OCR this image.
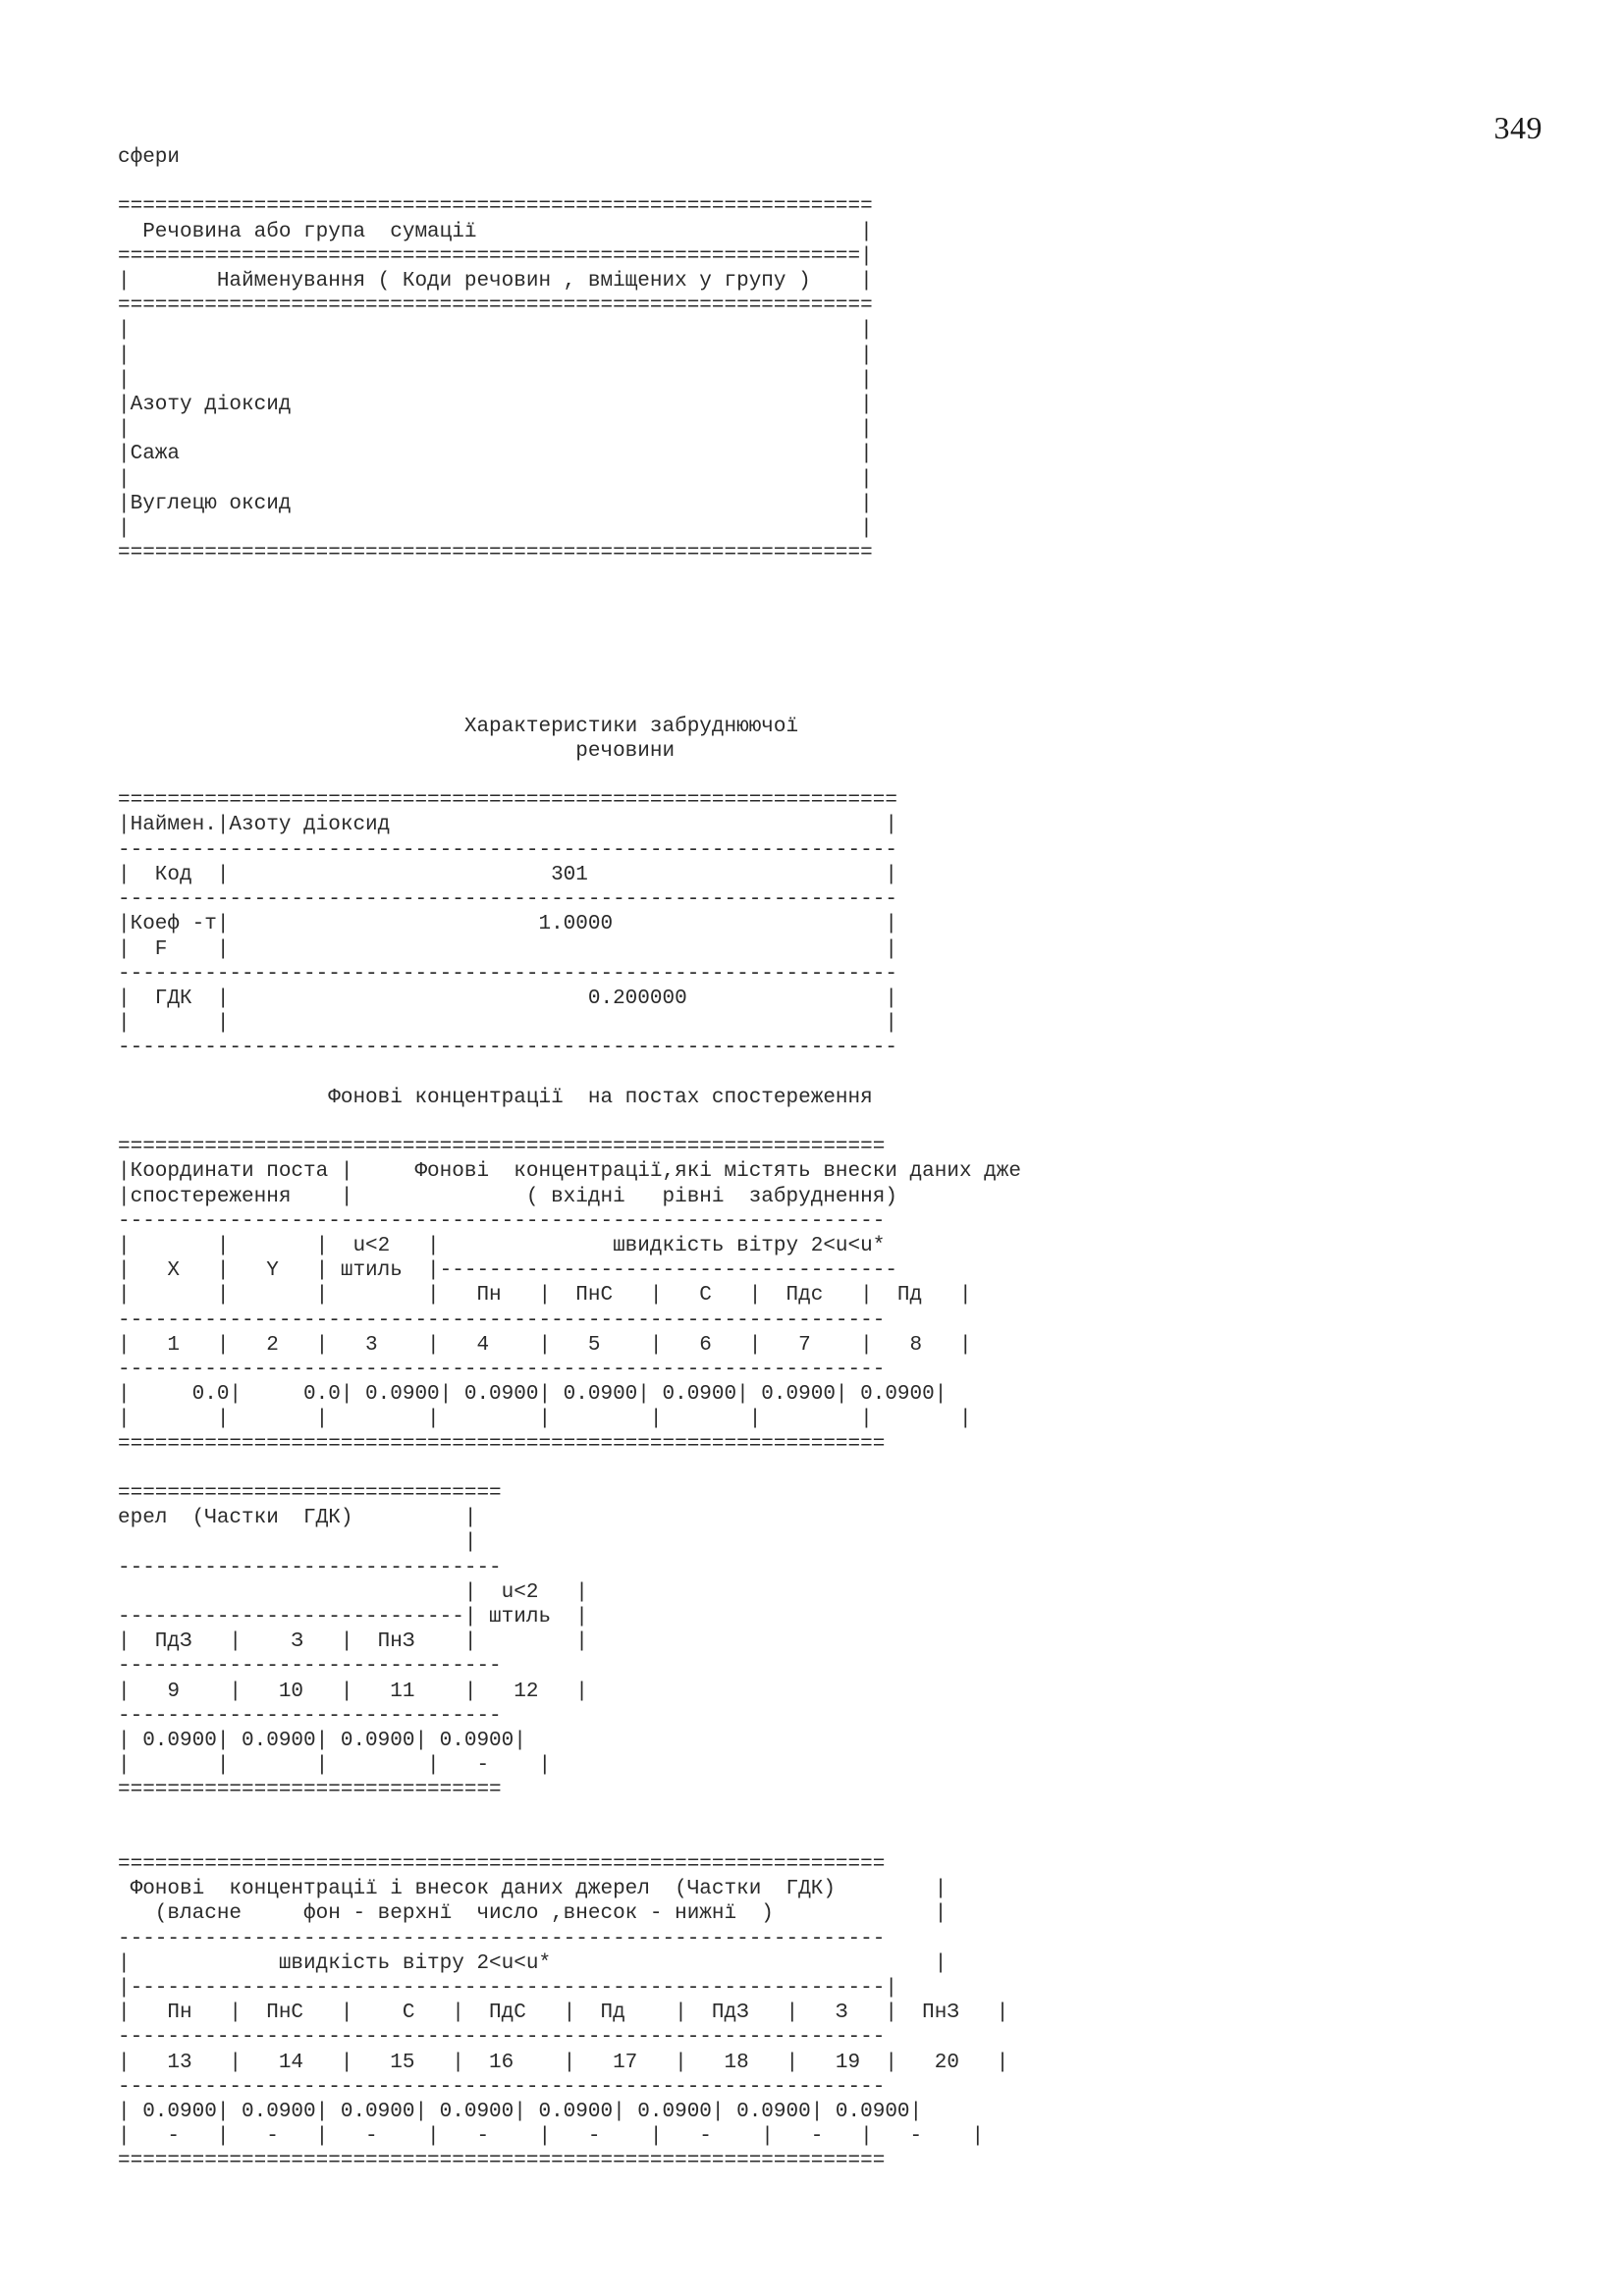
349
сфери

=============================================================
Речовина або група  сумації                               |
============================================================|
|       Найменування ( Коди речовин , вміщених у групу )    |
=============================================================
|                                                           |
|                                                           |
|                                                           |
|Азоту діоксид                                              |
|                                                           |
|Сажа                                                       |
|                                                           |
|Вуглецю оксид                                              |
|                                                           |
=============================================================

Характеристики забруднюючої
речовини

===============================================================
|Наймен.|Азоту діоксид                                        |
---------------------------------------------------------------
|  Код  |                          301                        |
---------------------------------------------------------------
|Коеф -т|                         1.0000                      |
|  F    |                                                     |
---------------------------------------------------------------
|  ГДК  |                             0.200000                |
|       |                                                     |
---------------------------------------------------------------

Фонові концентрації  на постах спостереження

==============================================================
|Координати поста |     Фонові  концентрації,які містять внески даних дже
|спостереження    |              ( вхідні   рівні  забруднення)
--------------------------------------------------------------
|       |       |  u<2   |              швидкість вітру 2<u<u*
|   X   |   Y   | штиль  |-------------------------------------
|       |       |        |   Пн   |  ПнС   |   С   |  Пдс   |  Пд   |
--------------------------------------------------------------
|   1   |   2   |   3    |   4    |   5    |   6   |   7    |   8   |
--------------------------------------------------------------
|     0.0|     0.0| 0.0900| 0.0900| 0.0900| 0.0900| 0.0900| 0.0900|
|       |       |        |        |        |       |        |       |
==============================================================

===============================
ерел  (Частки  ГДК)         |
|
-------------------------------
|  u<2   |
----------------------------| штиль  |
|  ПдЗ   |    З   |  ПнЗ    |        |
-------------------------------
|   9    |   10   |   11    |   12   |
-------------------------------
| 0.0900| 0.0900| 0.0900| 0.0900|
|       |       |        |   -    |
===============================

==============================================================
Фонові  концентрації і внесок даних джерел  (Частки  ГДК)        |
(власне     фон - верхнї  число ,внесок - нижнї  )             |
--------------------------------------------------------------
|            швидкість вітру 2<u<u*                               |
|-------------------------------------------------------------|
|   Пн   |  ПнС   |    С   |  ПдС   |  Пд    |  ПдЗ   |   З   |  ПнЗ   |
--------------------------------------------------------------
|   13   |   14   |   15   |  16    |   17   |   18   |   19  |   20   |
--------------------------------------------------------------
| 0.0900| 0.0900| 0.0900| 0.0900| 0.0900| 0.0900| 0.0900| 0.0900|
|   -   |   -   |   -    |   -    |   -    |   -    |   -   |   -    |
==============================================================
